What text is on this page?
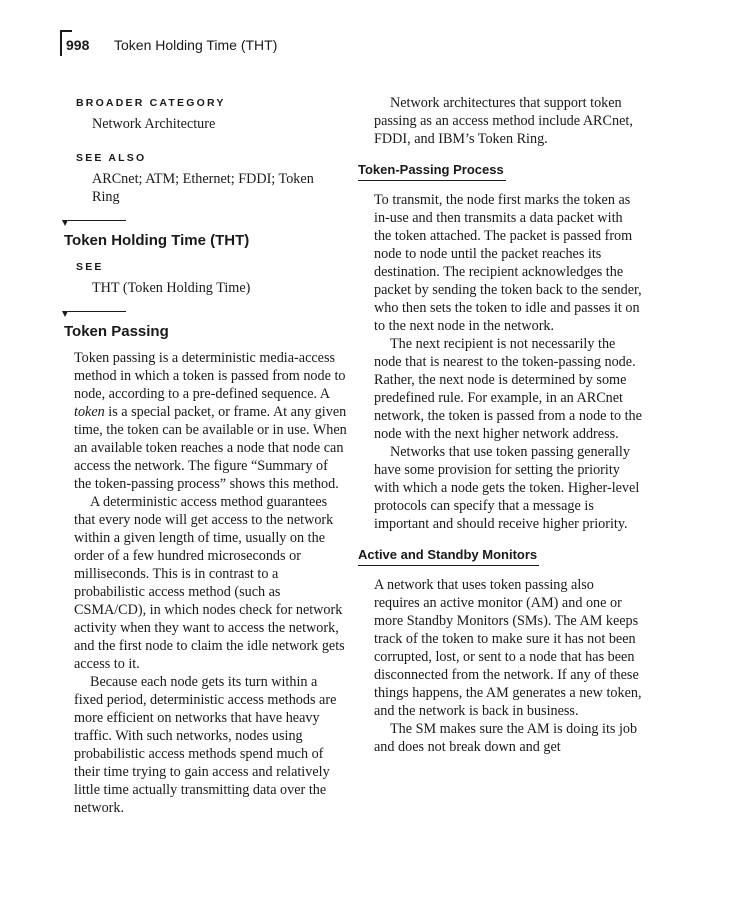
998 Token Holding Time (THT)
BROADER CATEGORY

Network Architecture

SEE ALSO

ARCnet; ATM; Ethernet; FDDI; Token

Ring

Token Holding Time (THT)
SEE

THT (Token Holding Time)

Token Passing

Token passing is a deterministic media-access method in which a token is passed from node to node, according to a pre-defined sequence. A token is a special packet, or frame. At any given time, the token can be available or in use. When an available token reaches a node that node can access the network. The figure “Summary of the token-passing process” shows this method.

A deterministic access method guarantees that every node will get access to the network within a given length of time, usually on the order of a few hundred microseconds or milliseconds. This is in contrast to a probabilistic access method (such as CSMA/CD), in which nodes check for network activity when they want to access the network, and the first node to claim the idle network gets access to it.

Because each node gets its turn within a fixed period, deterministic access methods are more efficient on networks that have heavy traffic. With such networks, nodes using probabilistic access methods spend much of their time trying to gain access and relatively little time actually transmitting data over the network.

Network architectures that support token passing as an access method include ARCnet, FDDI, and IBM’s Token Ring.

Token-Passing Process

To transmit, the node first marks the token as in-use and then transmits a data packet with the token attached. The packet is passed from node to node until the packet reaches its destination. The recipient acknowledges the packet by sending the token back to the sender, who then sets the token to idle and passes it on to the next node in the network.

The next recipient is not necessarily the node that is nearest to the token-passing node. Rather, the next node is determined by some predefined rule. For example, in an ARCnet network, the token is passed from a node to the node with the next higher network address.

Networks that use token passing generally have some provision for setting the priority with which a node gets the token. Higher-level protocols can specify that a message is important and should receive higher priority.

Active and Standby Monitors

A network that uses token passing also requires an active monitor (AM) and one or more Standby Monitors (SMs). The AM keeps track of the token to make sure it has not been corrupted, lost, or sent to a node that has been disconnected from the network. If any of these things happens, the AM generates a new token, and the network is back in business.

The SM makes sure the AM is doing its job and does not break down and get
